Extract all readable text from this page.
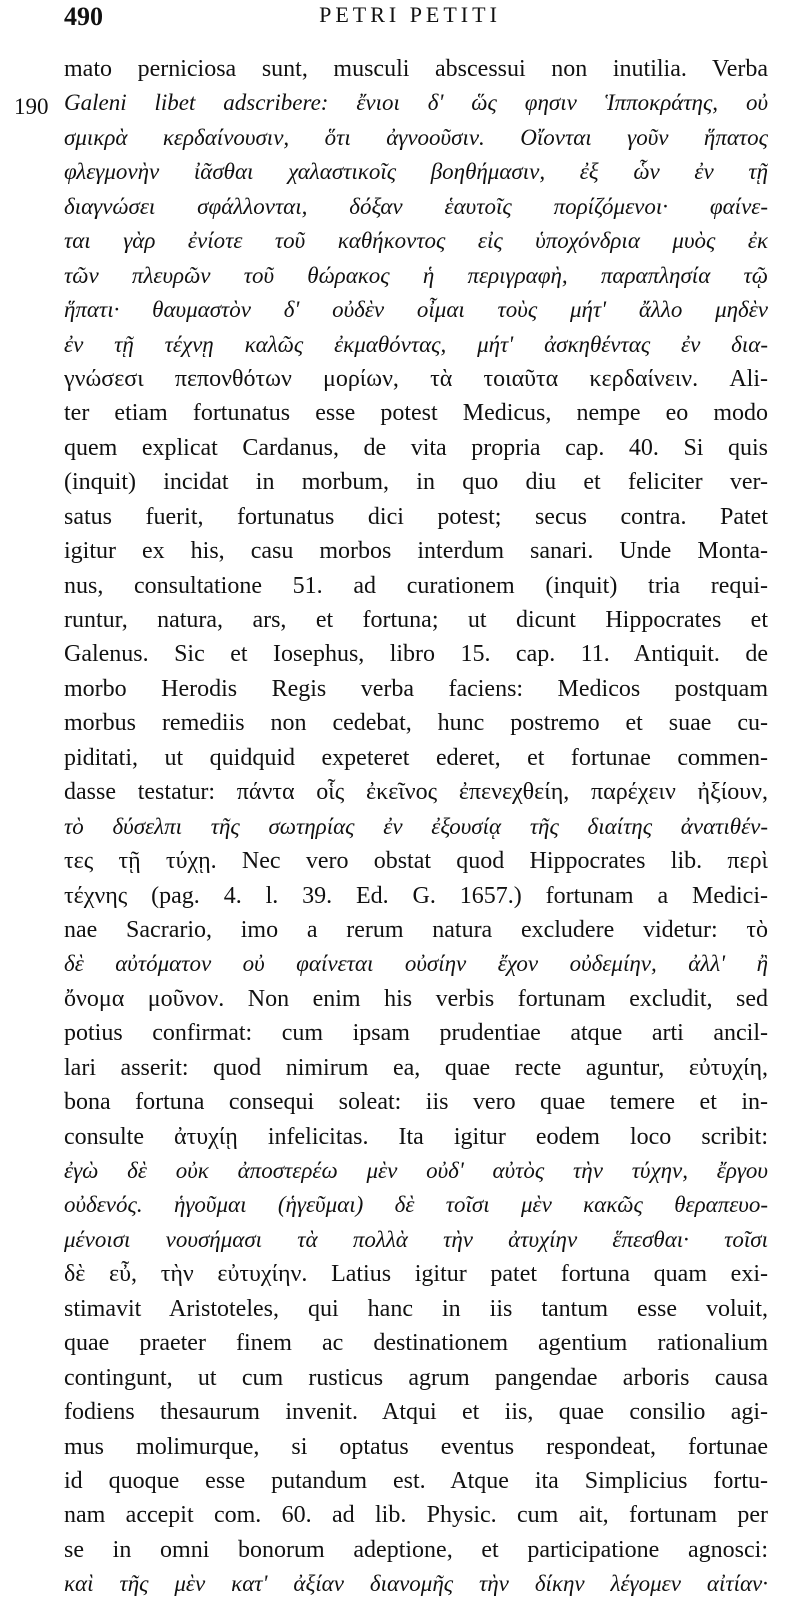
490	PETRI PETITI
190
mato perniciosa sunt, musculi abscessui non inutilia. Verba
Galeni libet adscribere: ἔνιοι δ' ὥς φησιν Ἱπποκράτης, οὐ
σμικρὰ κερδαίνουσιν, ὅτι ἀγνοοῦσιν. Οἴονται γοῦν ἥπατος
φλεγμονὴν ἰᾶσθαι χαλαστικοῖς βοηθήμασιν, ἐξ ὧν ἐν τῇ
διαγνώσει σφάλλονται, δόξαν ἑαυτοῖς πορίζόμενοι· φαίνε-
ται γὰρ ἐνίοτε τοῦ καθήκοντος εἰς ὑποχόνδρια μυὸς ἐκ
τῶν πλευρῶν τοῦ θώρακος ἡ περιγραφὴ, παραπλησία τῷ
ἥπατι· θαυμαστὸν δ' οὐδὲν οἶμαι τοὺς μήτ' ἄλλο μηδὲν
ἐν τῇ τέχνῃ καλῶς ἐκμαθόντας, μήτ' ἀσκηθέντας ἐν δια-
γνώσεσι πεπονθότων μορίων, τὰ τοιαῦτα κερδαίνειν. Ali-
ter etiam fortunatus esse potest Medicus, nempe eo modo
quem explicat Cardanus, de vita propria cap. 40. Si quis
(inquit) incidat in morbum, in quo diu et feliciter ver-
satus fuerit, fortunatus dici potest; secus contra. Patet
igitur ex his, casu morbos interdum sanari. Unde Monta-
nus, consultatione 51. ad curationem (inquit) tria requi-
runtur, natura, ars, et fortuna; ut dicunt Hippocrates et
Galenus. Sic et Iosephus, libro 15. cap. 11. Antiquit. de
morbo Herodis Regis verba faciens: Medicos postquam
morbus remediis non cedebat, hunc postremo et suae cu-
piditati, ut quidquid expeteret ederet, et fortunae commen-
dasse testatur: πάντα οἷς ἐκεῖνος ἐπενεχθείη, παρέχειν ἠξίουν,
τὸ δύσελπι τῆς σωτηρίας ἐν ἐξουσίᾳ τῆς διαίτης ἀνατιθέν-
τες τῇ τύχῃ. Nec vero obstat quod Hippocrates lib. περὶ
τέχνης (pag. 4. l. 39. Ed. G. 1657.) fortunam a Medici-
nae Sacrario, imo a rerum natura excludere videtur: τὸ
δὲ αὐτόματον οὐ φαίνεται οὐσίην ἔχον οὐδεμίην, ἀλλ' ἢ
ὄνομα μοῦνον. Non enim his verbis fortunam excludit, sed
potius confirmat: cum ipsam prudentiae atque arti ancil-
lari asserit: quod nimirum ea, quae recte aguntur, εὐτυχίη,
bona fortuna consequi soleat: iis vero quae temere et in-
consulte ἀτυχίῃ infelicitas. Ita igitur eodem loco scribit:
ἐγὼ δὲ οὐκ ἀποστερέω μὲν οὐδ' αὐτὸς τὴν τύχην, ἔργου
οὐδενός. ἡγοῦμαι (ἡγεῦμαι) δὲ τοῖσι μὲν κακῶς θεραπευο-
μένοισι νουσήμασι τὰ πολλὰ τὴν ἀτυχίην ἕπεσθαι· τοῖσι
δὲ εὖ, τὴν εὐτυχίην. Latius igitur patet fortuna quam exi-
stimavit Aristoteles, qui hanc in iis tantum esse voluit,
quae praeter finem ac destinationem agentium rationalium
contingunt, ut cum rusticus agrum pangendae arboris causa
fodiens thesaurum invenit. Atqui et iis, quae consilio agi-
mus molimurque, si optatus eventus respondeat, fortunae
id quoque esse putandum est. Atque ita Simplicius fortu-
nam accepit com. 60. ad lib. Physic. cum ait, fortunam per
se in omni bonorum adeptione, et participatione agnosci:
καὶ τῆς μὲν κατ' ἀξίαν διανομῆς τὴν δίκην λέγομεν αἰτίαν·
